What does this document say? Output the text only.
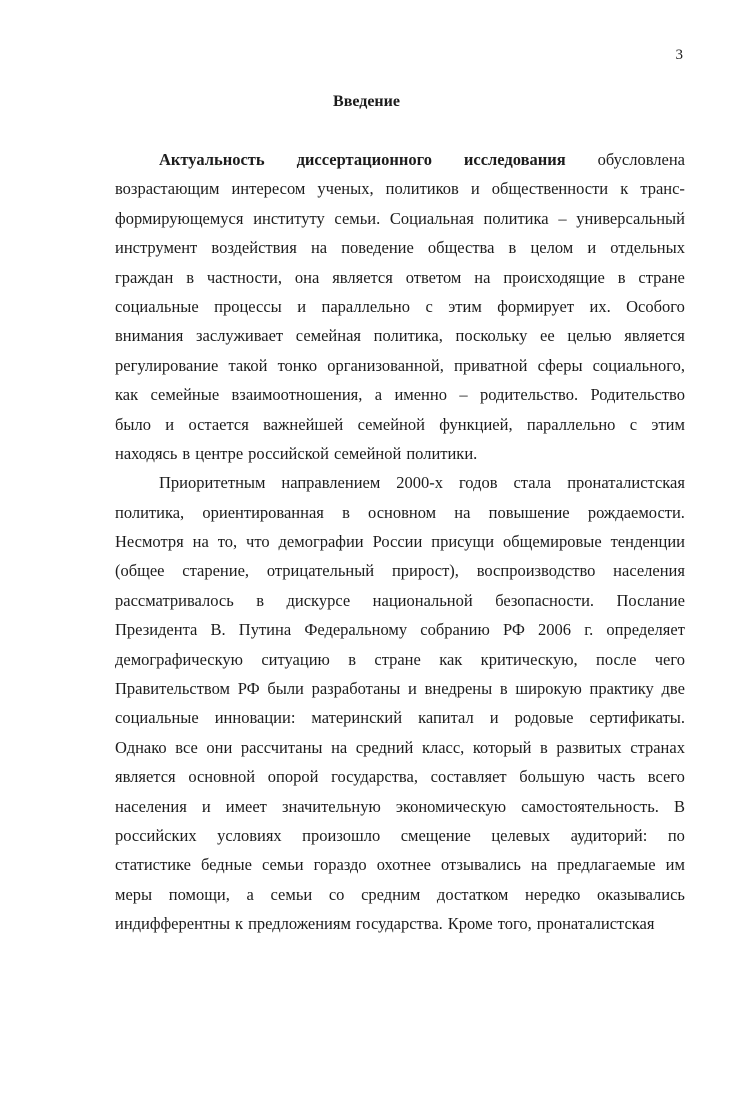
3
Введение
Актуальность диссертационного исследования обусловлена
возрастающим интересом ученых, политиков и общественности к транс-
формирующемуся институту семьи. Социальная политика – универсальный
инструмент воздействия на поведение общества в целом и отдельных
граждан в частности, она является ответом на происходящие в стране
социальные процессы и параллельно с этим формирует их. Особого
внимания заслуживает семейная политика, поскольку ее целью является
регулирование такой тонко организованной, приватной сферы социального,
как семейные взаимоотношения, а именно – родительство. Родительство
было и остается важнейшей семейной функцией, параллельно с этим
находясь в центре российской семейной политики.
Приоритетным направлением 2000-х годов стала пронаталистская
политика, ориентированная в основном на повышение рождаемости.
Несмотря на то, что демографии России присущи общемировые тенденции
(общее старение, отрицательный прирост), воспроизводство населения
рассматривалось в дискурсе национальной безопасности. Послание
Президента В. Путина Федеральному собранию РФ 2006 г. определяет
демографическую ситуацию в стране как критическую, после чего
Правительством РФ были разработаны и внедрены в широкую практику две
социальные инновации: материнский капитал и родовые сертификаты.
Однако все они рассчитаны на средний класс, который в развитых странах
является основной опорой государства, составляет большую часть всего
населения и имеет значительную экономическую самостоятельность. В
российских условиях произошло смещение целевых аудиторий: по
статистике бедные семьи гораздо охотнее отзывались на предлагаемые им
меры помощи, а семьи со средним достатком нередко оказывались
индифферентны к предложениям государства. Кроме того, пронаталистская
